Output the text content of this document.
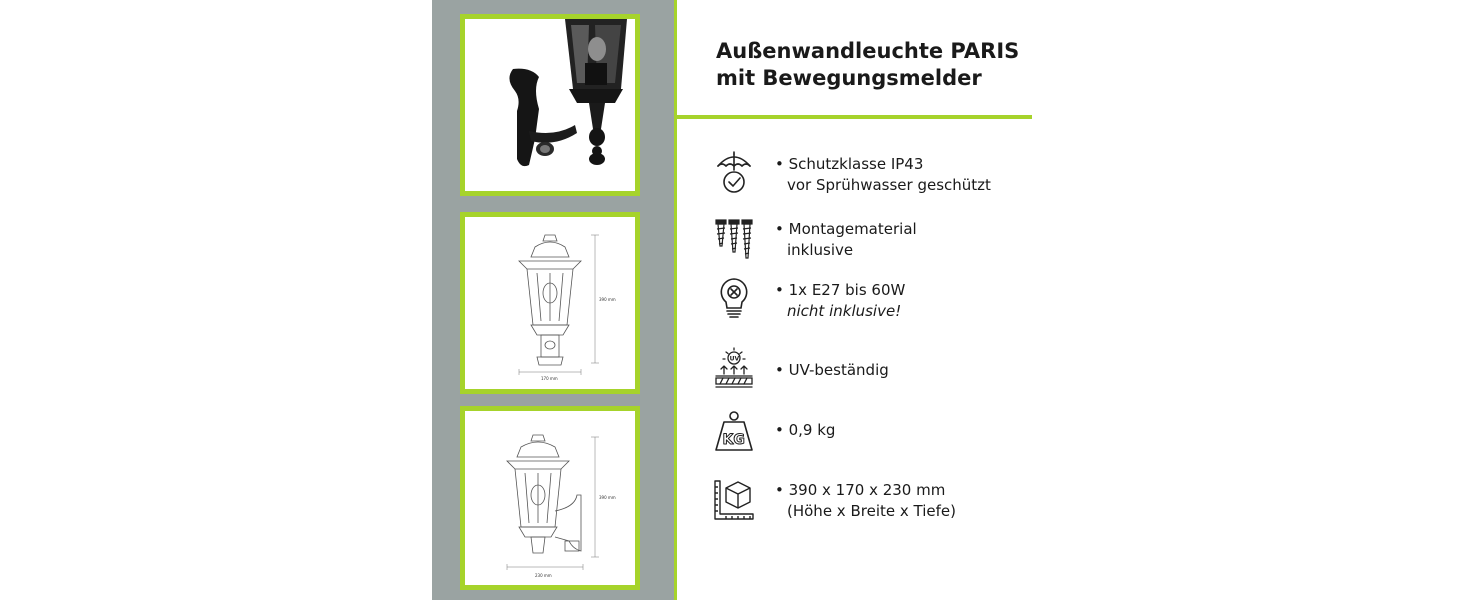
390 mm
170 mm
390 mm
230 mm
Außenwandleuchte PARIS
mit Bewegungsmelder
• Schutzklasse IP43
vor Sprühwasser geschützt
• Montagematerial
inklusive
• 1x E27 bis 60W
nicht inklusive!
UV
• UV-beständig
KG
• 0,9 kg
• 390 x 170 x 230 mm
(Höhe x Breite x Tiefe)
